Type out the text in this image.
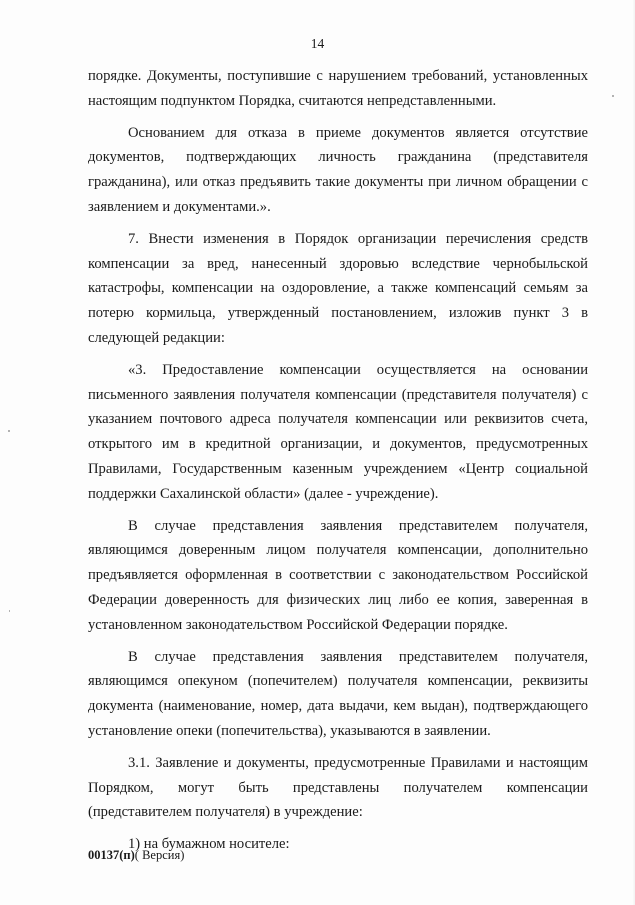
14

порядке. Документы, поступившие с нарушением требований, установленных настоящим подпунктом Порядка, считаются непредставленными.

Основанием для отказа в приеме документов является отсутствие документов, подтверждающих личность гражданина (представителя гражданина), или отказ предъявить такие документы при личном обращении с заявлением и документами.».

7. Внести изменения в Порядок организации перечисления средств компенсации за вред, нанесенный здоровью вследствие чернобыльской катастрофы, компенсации на оздоровление, а также компенсаций семьям за потерю кормильца, утвержденный постановлением, изложив пункт 3 в следующей редакции:

«3. Предоставление компенсации осуществляется на основании письменного заявления получателя компенсации (представителя получателя) с указанием почтового адреса получателя компенсации или реквизитов счета, открытого им в кредитной организации, и документов, предусмотренных Правилами, Государственным казенным учреждением «Центр социальной поддержки Сахалинской области» (далее - учреждение).

В случае представления заявления представителем получателя, являющимся доверенным лицом получателя компенсации, дополнительно предъявляется оформленная в соответствии с законодательством Российской Федерации доверенность для физических лиц либо ее копия, заверенная в установленном законодательством Российской Федерации порядке.

В случае представления заявления представителем получателя, являющимся опекуном (попечителем) получателя компенсации, реквизиты документа (наименование, номер, дата выдачи, кем выдан), подтверждающего установление опеки (попечительства), указываются в заявлении.

3.1. Заявление и документы, предусмотренные Правилами и настоящим Порядком, могут быть представлены получателем компенсации (представителем получателя) в учреждение:

1) на бумажном носителе:

00137(п)( Версия)
